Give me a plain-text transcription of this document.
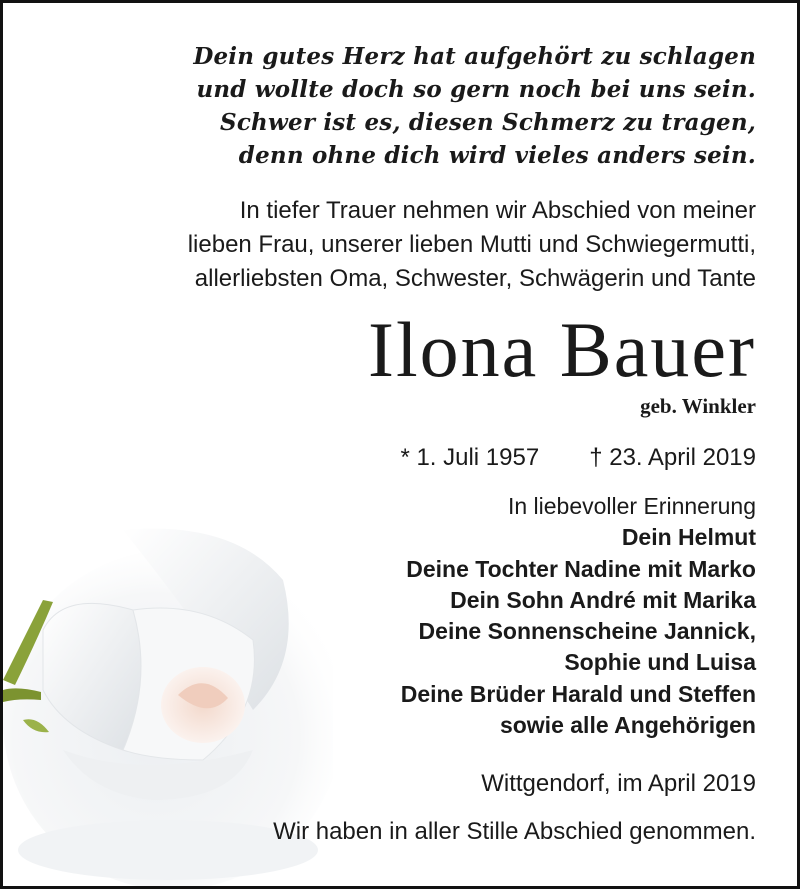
Dein gutes Herz hat aufgehört zu schlagen
und wollte doch so gern noch bei uns sein.
Schwer ist es, diesen Schmerz zu tragen,
denn ohne dich wird vieles anders sein.
In tiefer Trauer nehmen wir Abschied von meiner
lieben Frau, unserer lieben Mutti und Schwiegermutti,
allerliebsten Oma, Schwester, Schwägerin und Tante
Ilona Bauer
geb. Winkler
* 1. Juli 1957 † 23. April 2019
In liebevoller Erinnerung
Dein Helmut
Deine Tochter Nadine mit Marko
Dein Sohn André mit Marika
Deine Sonnenscheine Jannick,
Sophie und Luisa
Deine Brüder Harald und Steffen
sowie alle Angehörigen
Wittgendorf, im April 2019
Wir haben in aller Stille Abschied genommen.
